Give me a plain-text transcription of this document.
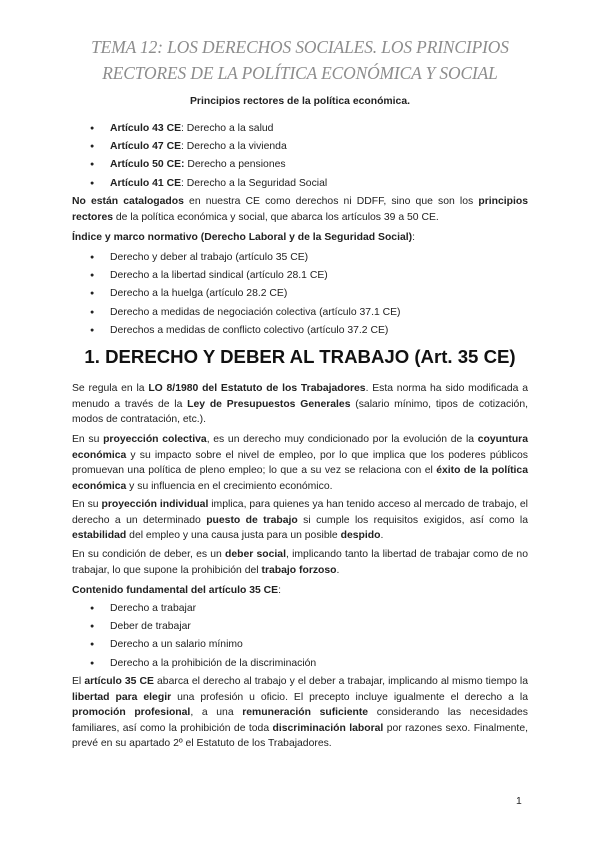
TEMA 12: LOS DERECHOS SOCIALES. LOS PRINCIPIOS
RECTORES DE LA POLÍTICA ECONÓMICA Y SOCIAL
Principios rectores de la política económica.
● Artículo 43 CE: Derecho a la salud
● Artículo 47 CE: Derecho a la vivienda
● Artículo 50 CE: Derecho a pensiones
● Artículo 41 CE: Derecho a la Seguridad Social

No están catalogados en nuestra CE como derechos ni DDFF, sino que son los principios rectores de la política económica y social, que abarca los artículos 39 a 50 CE.

Índice y marco normativo (Derecho Laboral y de la Seguridad Social):

● Derecho y deber al trabajo (artículo 35 CE)
● Derecho a la libertad sindical (artículo 28.1 CE)
● Derecho a la huelga (artículo 28.2 CE)
● Derecho a medidas de negociación colectiva (artículo 37.1 CE)
● Derechos a medidas de conflicto colectivo (artículo 37.2 CE)
1. DERECHO Y DEBER AL TRABAJO (Art. 35 CE)

Se regula en la LO 8/1980 del Estatuto de los Trabajadores. Esta norma ha sido modificada a menudo a través de la Ley de Presupuestos Generales (salario mínimo, tipos de cotización, modos de contratación, etc.).

En su proyección colectiva, es un derecho muy condicionado por la evolución de la coyuntura económica y su impacto sobre el nivel de empleo, por lo que implica que los poderes públicos promuevan una política de pleno empleo; lo que a su vez se relaciona con el éxito de la política económica y su influencia en el crecimiento económico.

En su proyección individual implica, para quienes ya han tenido acceso al mercado de trabajo, el derecho a un determinado puesto de trabajo si cumple los requisitos exigidos, así como la estabilidad del empleo y una causa justa para un posible despido.

En su condición de deber, es un deber social, implicando tanto la libertad de trabajar como de no trabajar, lo que supone la prohibición del trabajo forzoso.

Contenido fundamental del artículo 35 CE:

● Derecho a trabajar
● Deber de trabajar
● Derecho a un salario mínimo
● Derecho a la prohibición de la discriminación

El artículo 35 CE abarca el derecho al trabajo y el deber a trabajar, implicando al mismo tiempo la libertad para elegir una profesión u oficio. El precepto incluye igualmente el derecho a la promoción profesional, a una remuneración suficiente considerando las necesidades familiares, así como la prohibición de toda discriminación laboral por razones sexo. Finalmente, prevé en su apartado 2º el Estatuto de los Trabajadores.

1
